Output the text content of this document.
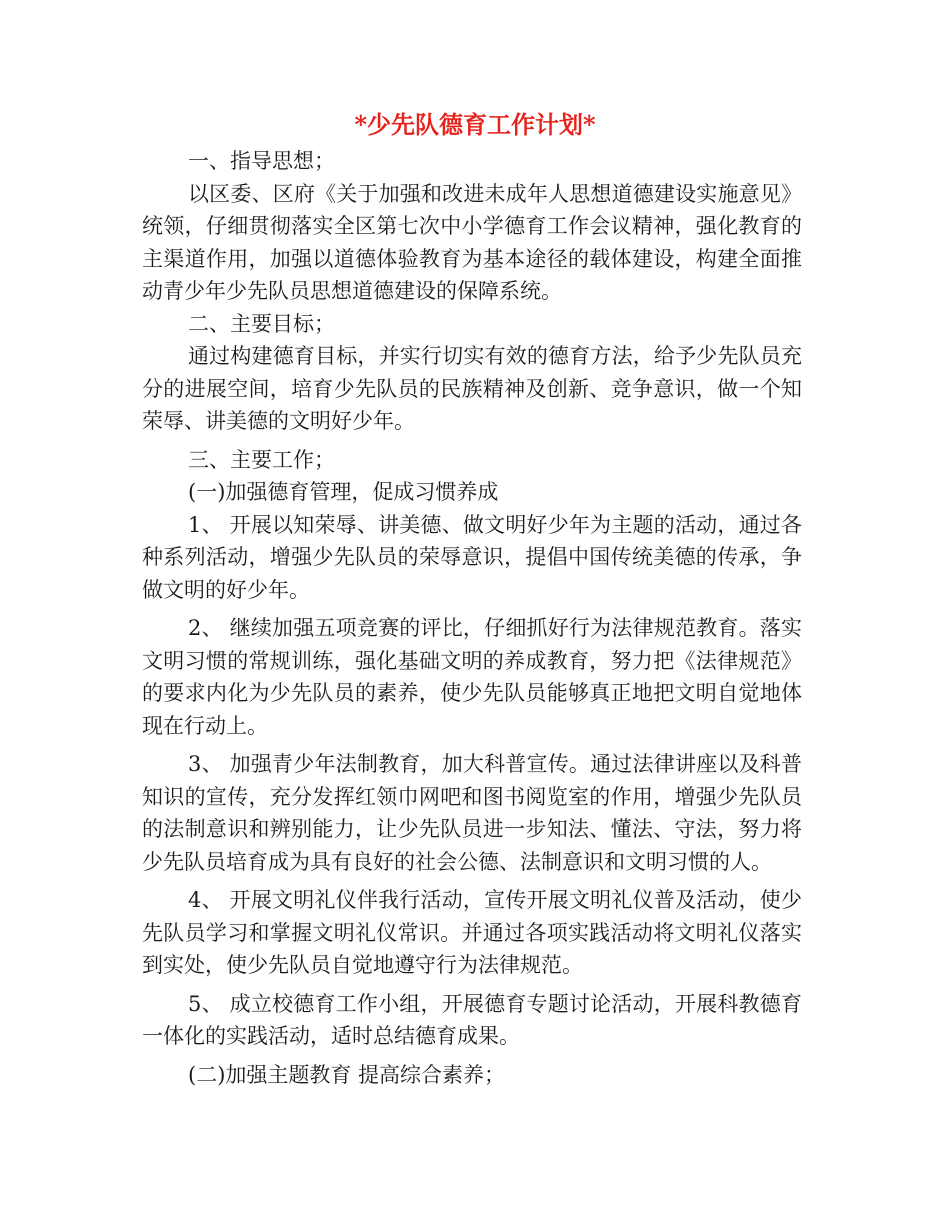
*少先队德育工作计划*

一、指导思想；

以区委、区府《关于加强和改进未成年人思想道德建设实施意见》统领，仔细贯彻落实全区第七次中小学德育工作会议精神，强化教育的主渠道作用，加强以道德体验教育为基本途径的载体建设，构建全面推动青少年少先队员思想道德建设的保障系统。

二、主要目标；

通过构建德育目标，并实行切实有效的德育方法，给予少先队员充分的进展空间，培育少先队员的民族精神及创新、竞争意识，做一个知荣辱、讲美德的文明好少年。

三、主要工作；

(一)加强德育管理，促成习惯养成

1、 开展以知荣辱、讲美德、做文明好少年为主题的活动，通过各种系列活动，增强少先队员的荣辱意识，提倡中国传统美德的传承，争做文明的好少年。

2、 继续加强五项竞赛的评比，仔细抓好行为法律规范教育。落实文明习惯的常规训练，强化基础文明的养成教育，努力把《法律规范》的要求内化为少先队员的素养，使少先队员能够真正地把文明自觉地体现在行动上。

3、 加强青少年法制教育，加大科普宣传。通过法律讲座以及科普知识的宣传，充分发挥红领巾网吧和图书阅览室的作用，增强少先队员的法制意识和辨别能力，让少先队员进一步知法、懂法、守法，努力将少先队员培育成为具有良好的社会公德、法制意识和文明习惯的人。

4、 开展文明礼仪伴我行活动，宣传开展文明礼仪普及活动，使少先队员学习和掌握文明礼仪常识。并通过各项实践活动将文明礼仪落实到实处，使少先队员自觉地遵守行为法律规范。

5、 成立校德育工作小组，开展德育专题讨论活动，开展科教德育一体化的实践活动，适时总结德育成果。

(二)加强主题教育 提高综合素养；
